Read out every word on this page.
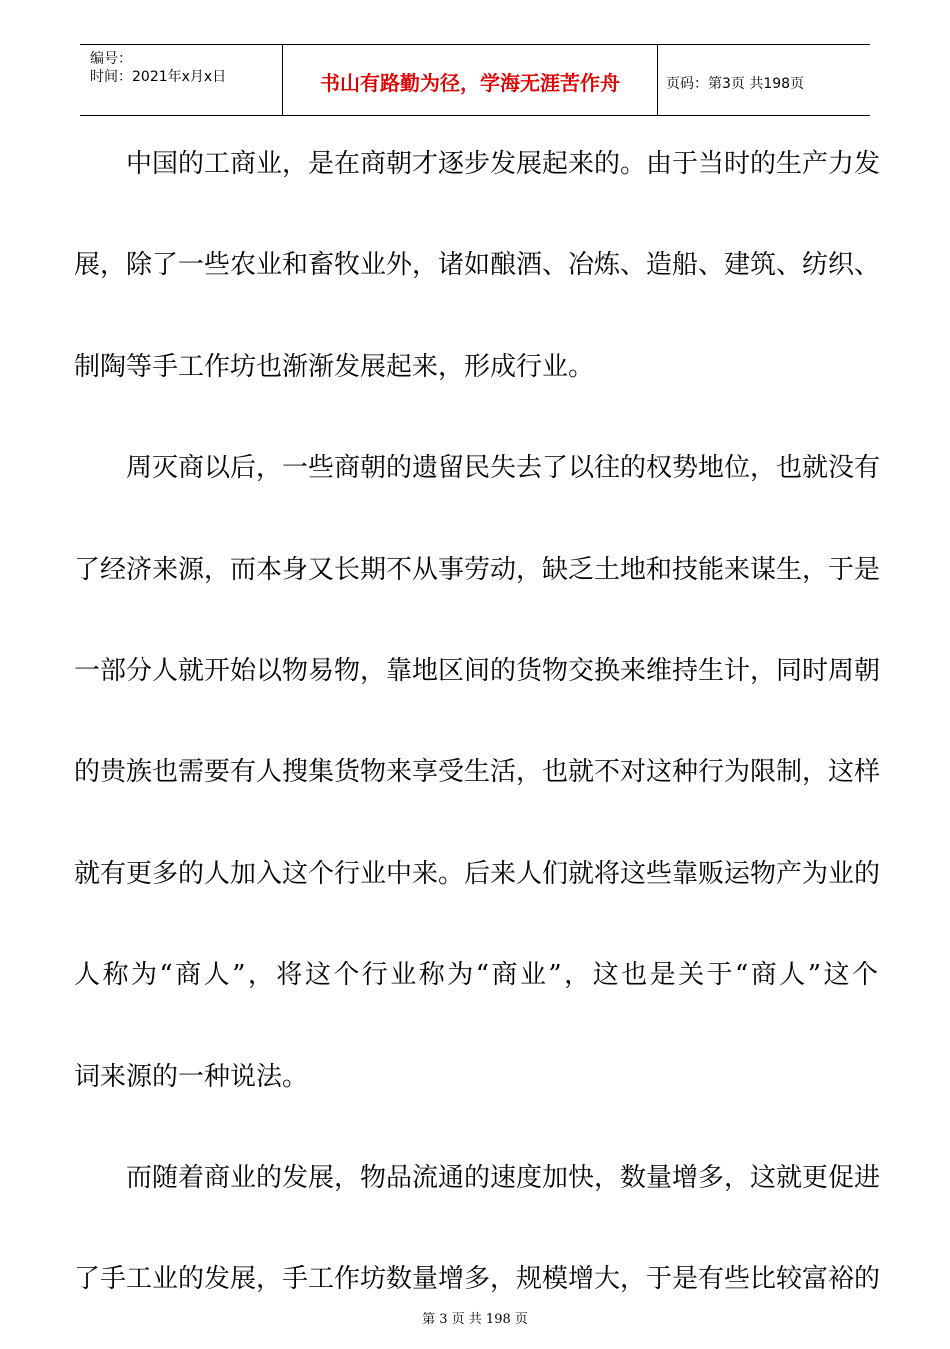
编号：
时间：2021年x月x日	书山有路勤为径，学海无涯苦作舟	页码：第3页 共198页
中国的工商业，是在商朝才逐步发展起来的。由于当时的生产力发
展，除了一些农业和畜牧业外，诸如酿酒、冶炼、造船、建筑、纺织、
制陶等手工作坊也渐渐发展起来，形成行业。
周灭商以后，一些商朝的遗留民失去了以往的权势地位，也就没有
了经济来源，而本身又长期不从事劳动，缺乏土地和技能来谋生，于是
一部分人就开始以物易物，靠地区间的货物交换来维持生计，同时周朝
的贵族也需要有人搜集货物来享受生活，也就不对这种行为限制，这样
就有更多的人加入这个行业中来。后来人们就将这些靠贩运物产为业的
人称为“商人”，将这个行业称为“商业”，这也是关于“商人”这个
词来源的一种说法。
而随着商业的发展，物品流通的速度加快，数量增多，这就更促进
了手工业的发展，手工作坊数量增多，规模增大，于是有些比较富裕的
第 3 页 共 198 页
